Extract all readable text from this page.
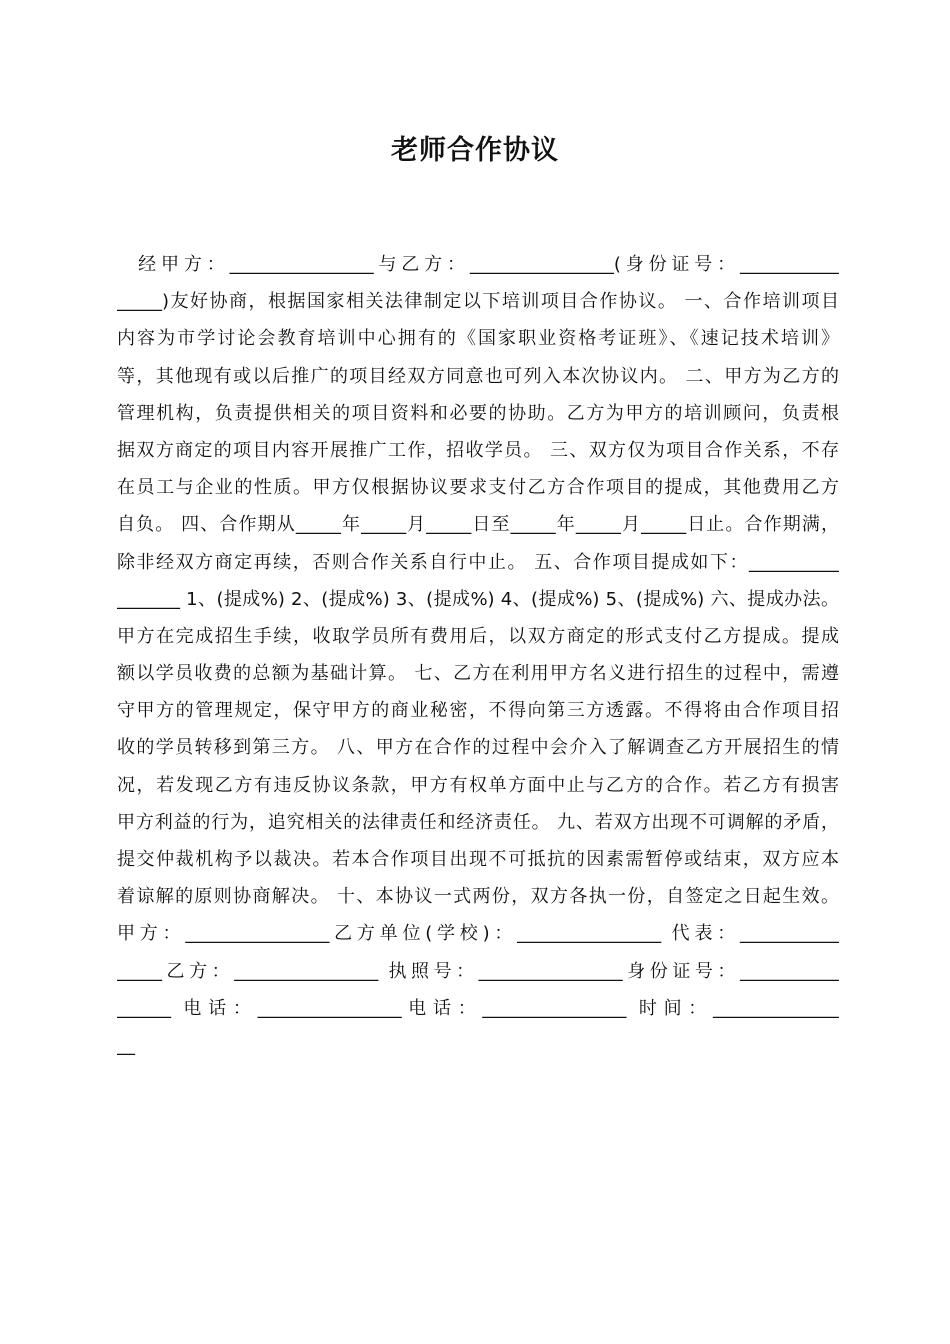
老师合作协议
经甲方：________________与乙方：________________(身份证号：___________
_____)友好协商，根据国家相关法律制定以下培训项目合作协议。 一、合作培训项目
内容为市学讨论会教育培训中心拥有的《国家职业资格考证班》、《速记技术培训》
等，其他现有或以后推广的项目经双方同意也可列入本次协议内。 二、甲方为乙方的
管理机构，负责提供相关的项目资料和必要的协助。乙方为甲方的培训顾问，负责根
据双方商定的项目内容开展推广工作，招收学员。 三、双方仅为项目合作关系，不存
在员工与企业的性质。甲方仅根据协议要求支付乙方合作项目的提成，其他费用乙方
自负。 四、合作期从_____年_____月_____日至_____年_____月_____日止。合作期满，
除非经双方商定再续，否则合作关系自行中止。 五、合作项目提成如下：__________
_______ 1、(提成%) 2、(提成%) 3、(提成%) 4、(提成%) 5、(提成%) 六、提成办法。
甲方在完成招生手续，收取学员所有费用后，以双方商定的形式支付乙方提成。提成
额以学员收费的总额为基础计算。 七、乙方在利用甲方名义进行招生的过程中，需遵
守甲方的管理规定，保守甲方的商业秘密，不得向第三方透露。不得将由合作项目招
收的学员转移到第三方。 八、甲方在合作的过程中会介入了解调查乙方开展招生的情
况，若发现乙方有违反协议条款，甲方有权单方面中止与乙方的合作。若乙方有损害
甲方利益的行为，追究相关的法律责任和经济责任。 九、若双方出现不可调解的矛盾，
提交仲裁机构予以裁决。若本合作项目出现不可抵抗的因素需暂停或结束，双方应本
着谅解的原则协商解决。 十、本协议一式两份，双方各执一份，自签定之日起生效。
甲方：________________乙方单位(学校)：________________ 代表：___________
_____乙方：________________ 执照号：________________身份证号：___________
______ 电话：________________电话：________________ 时间：______________
__
